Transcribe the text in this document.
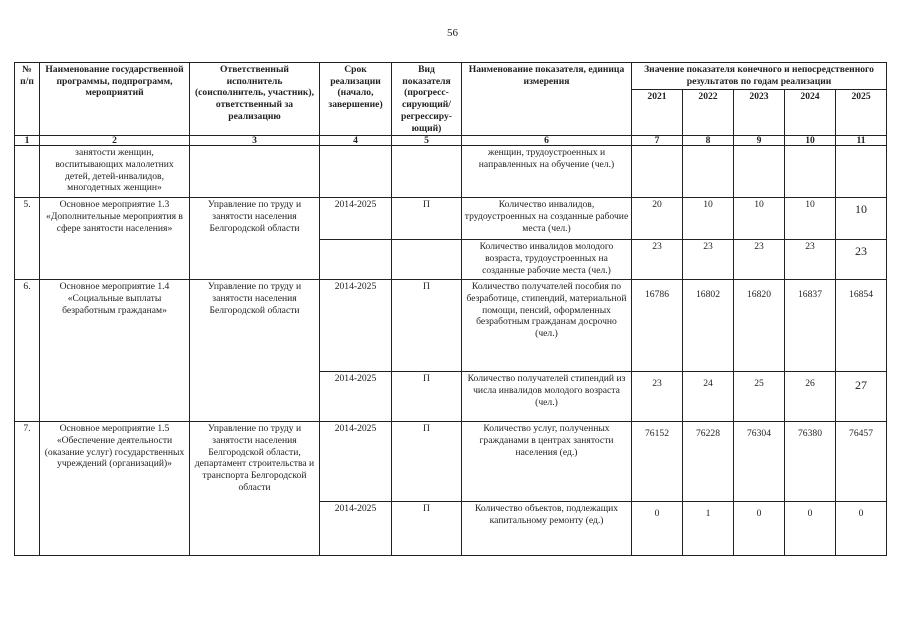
56
№ п/п	Наименование государственной программы, подпрограмм, мероприятий	Ответственный исполнитель (соисполнитель, участник), ответственный за реализацию	Срок реализации (начало, завершение)	Вид показателя (прогресс-сирующий/ регрессиру-ющий)	Наименование показателя, единица измерения	Значение показателя конечного и непосредственного результатов по годам реализации				
						2021	2022	2023	2024	2025
1	2	3	4	5	6	7	8	9	10	11
	занятости женщин, воспитывающих малолетних детей, детей-инвалидов, многодетных женщин»				женщин, трудоустроенных и направленных на обучение (чел.)					
5.	Основное мероприятие 1.3 «Дополнительные мероприятия в сфере занятости населения»	Управление по труду и занятости населения Белгородской области	2014-2025	П	Количество инвалидов, трудоустроенных на созданные рабочие места (чел.)	20	10	10	10	10
					Количество инвалидов молодого возраста, трудоустроенных на созданные рабочие места (чел.)	23	23	23	23	23
6.	Основное мероприятие 1.4 «Социальные выплаты безработным гражданам»	Управление по труду и занятости населения Белгородской области	2014-2025	П	Количество получателей пособия по безработице, стипендий, материальной помощи, пенсий, оформленных безработным гражданам досрочно (чел.)	16786	16802	16820	16837	16854
			2014-2025	П	Количество получателей стипендий из числа инвалидов молодого возраста (чел.)	23	24	25	26	27
7.	Основное мероприятие 1.5 «Обеспечение деятельности (оказание услуг) государственных учреждений (организаций)»	Управление по труду и занятости населения Белгородской области, департамент строительства и транспорта Белгородской области	2014-2025	П	Количество услуг, полученных гражданами в центрах занятости населения (ед.)	76152	76228	76304	76380	76457
			2014-2025	П	Количество объектов, подлежащих капитальному ремонту (ед.)	0	1	0	0	0
